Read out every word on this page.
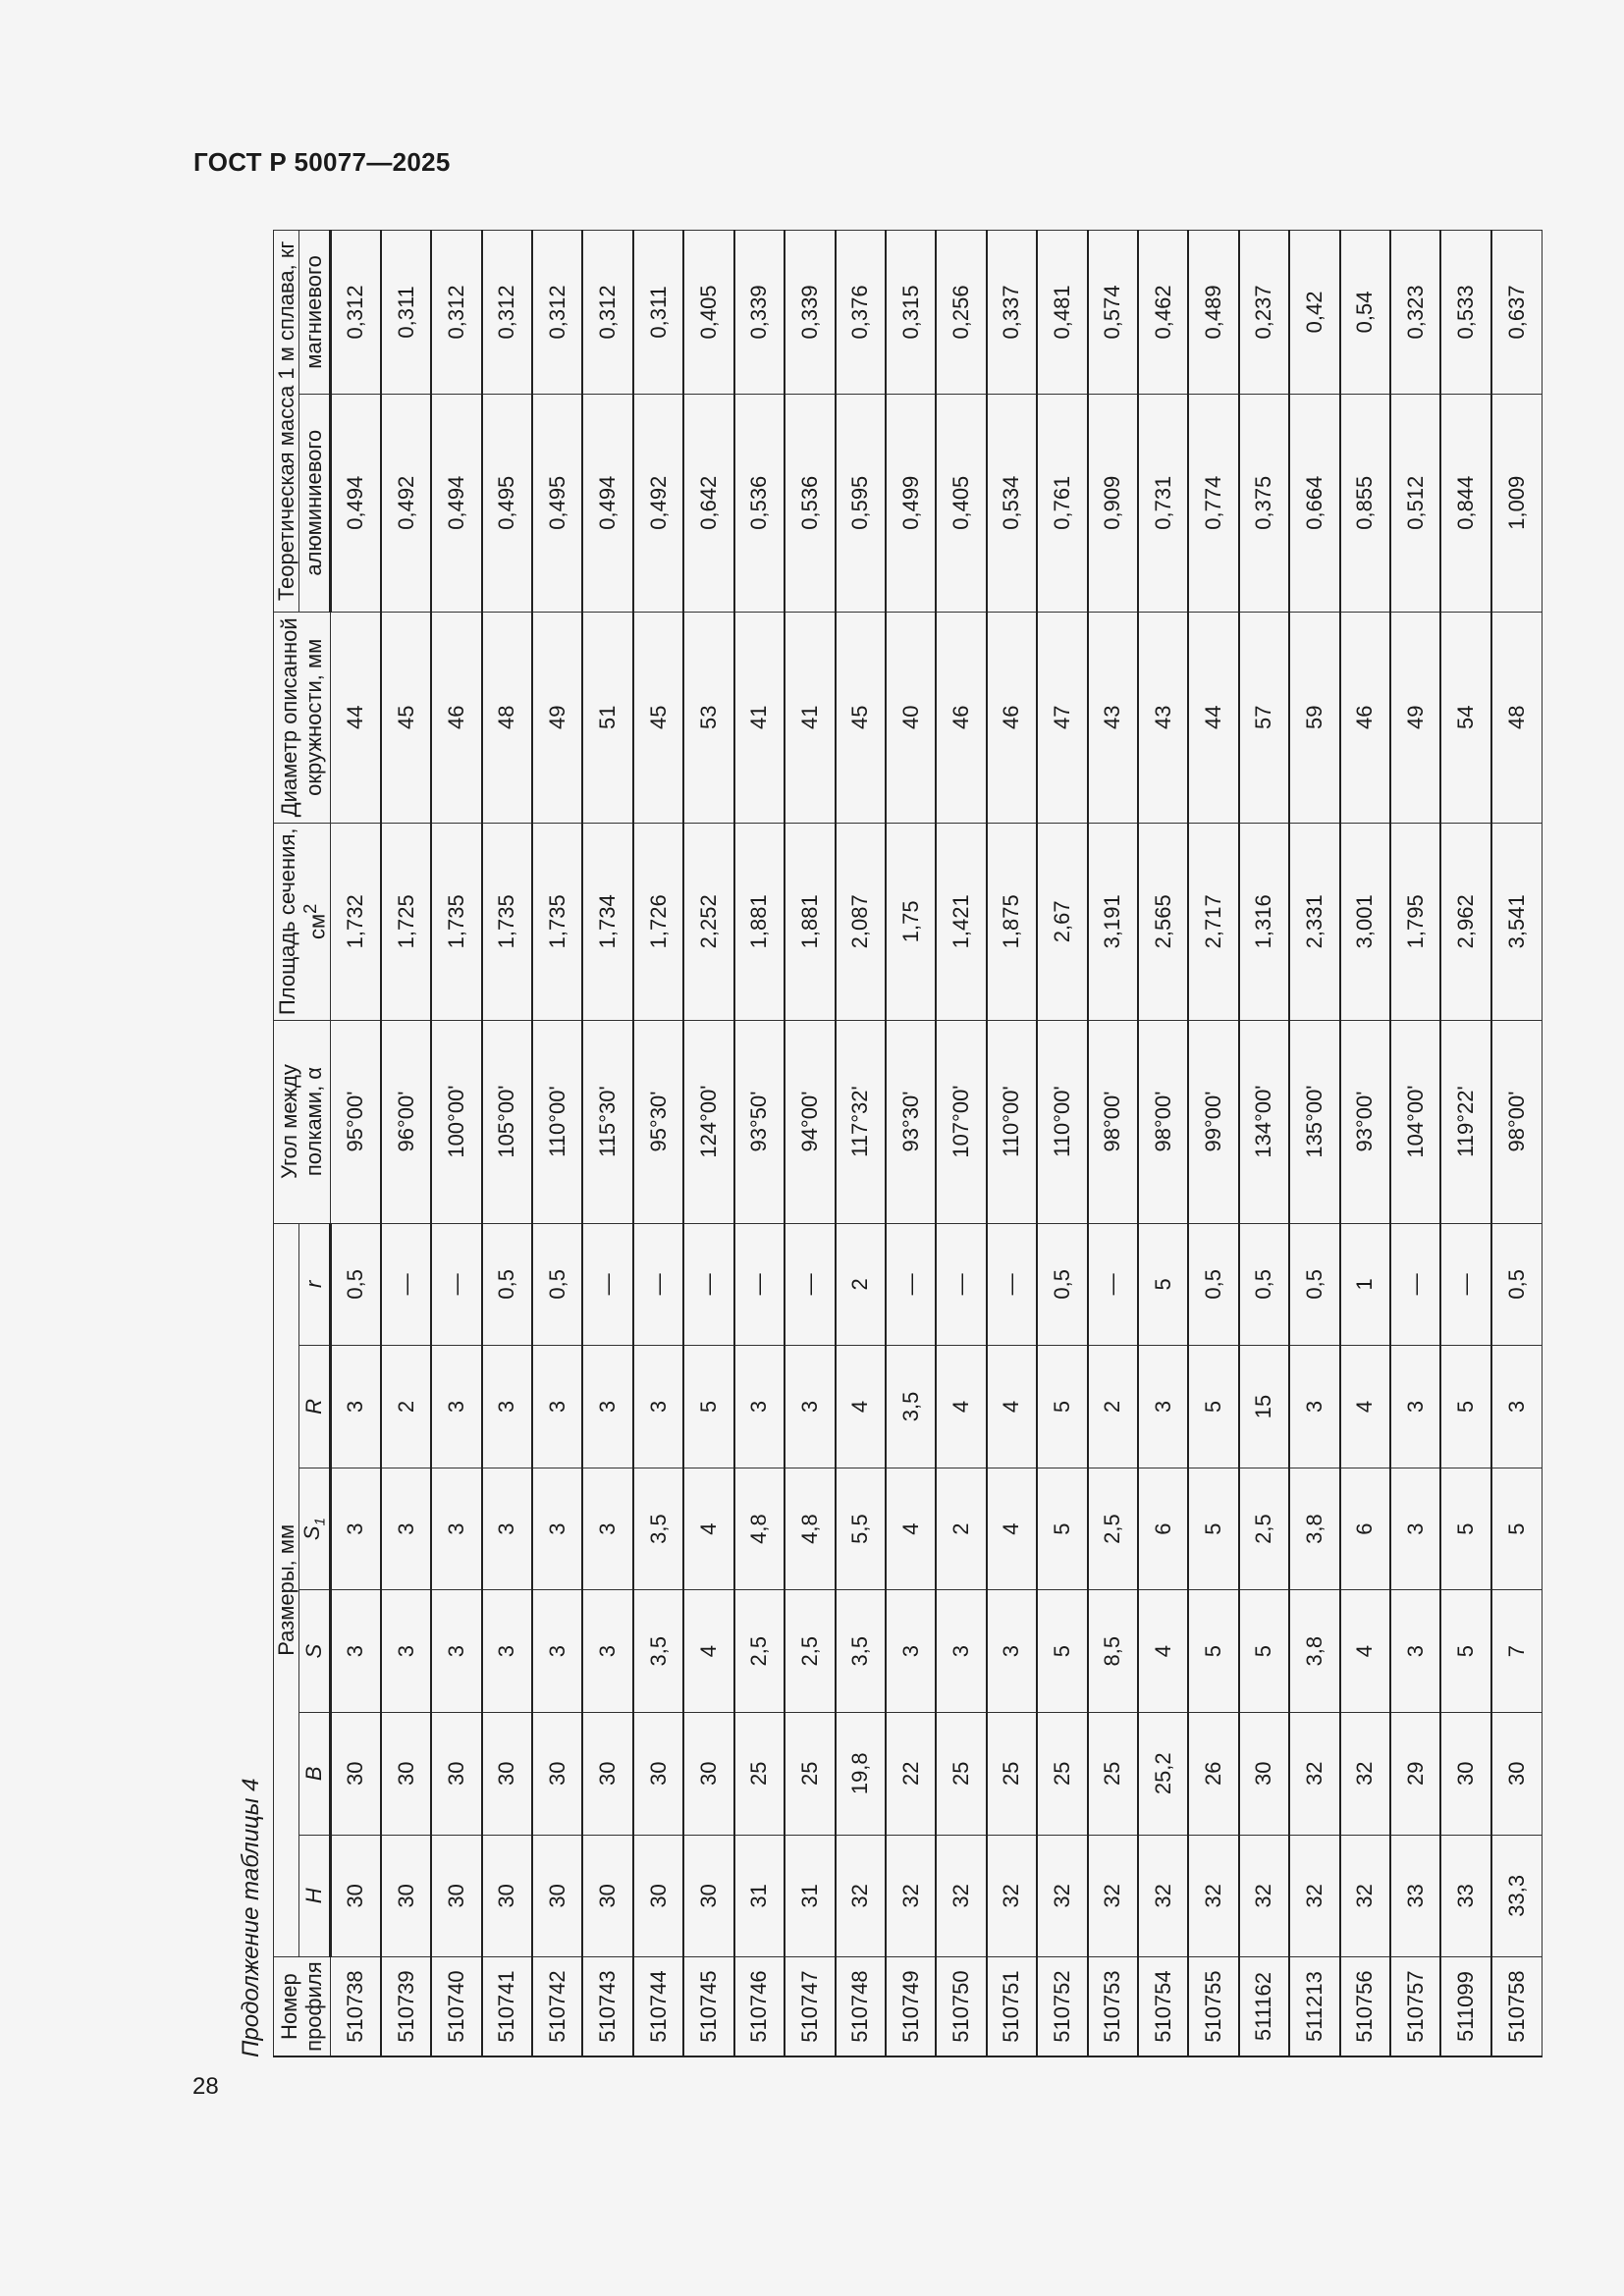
ГОСТ Р 50077—2025
Продолжение таблицы 4 Номер профиля	Размеры, мм						Угол между полками, α	Площадь сечения, $см^2$	Диаметр описанной окружности, мм	Теоретическая масса 1 м сплава, кг	
	H	B	S	$S_1$	R	r				алюминиевого	магниевого
510738	30	30	3	3	3	0,5	95°00'	1,732	44	0,494	0,312
510739	30	30	3	3	2	—	96°00'	1,725	45	0,492	0,311
510740	30	30	3	3	3	—	100°00'	1,735	46	0,494	0,312
510741	30	30	3	3	3	0,5	105°00'	1,735	48	0,495	0,312
510742	30	30	3	3	3	0,5	110°00'	1,735	49	0,495	0,312
510743	30	30	3	3	3	—	115°30'	1,734	51	0,494	0,312
510744	30	30	3,5	3,5	3	—	95°30'	1,726	45	0,492	0,311
510745	30	30	4	4	5	—	124°00'	2,252	53	0,642	0,405
510746	31	25	2,5	4,8	3	—	93°50'	1,881	41	0,536	0,339
510747	31	25	2,5	4,8	3	—	94°00'	1,881	41	0,536	0,339
510748	32	19,8	3,5	5,5	4	2	117°32'	2,087	45	0,595	0,376
510749	32	22	3	4	3,5	—	93°30'	1,75	40	0,499	0,315
510750	32	25	3	2	4	—	107°00'	1,421	46	0,405	0,256
510751	32	25	3	4	4	—	110°00'	1,875	46	0,534	0,337
510752	32	25	5	5	5	0,5	110°00'	2,67	47	0,761	0,481
510753	32	25	8,5	2,5	2	—	98°00'	3,191	43	0,909	0,574
510754	32	25,2	4	6	3	5	98°00'	2,565	43	0,731	0,462
510755	32	26	5	5	5	0,5	99°00'	2,717	44	0,774	0,489
511162	32	30	5	2,5	15	0,5	134°00'	1,316	57	0,375	0,237
511213	32	32	3,8	3,8	3	0,5	135°00'	2,331	59	0,664	0,42
510756	32	32	4	6	4	1	93°00'	3,001	46	0,855	0,54
510757	33	29	3	3	3	—	104°00'	1,795	49	0,512	0,323
511099	33	30	5	5	5	—	119°22'	2,962	54	0,844	0,533
510758	33,3	30	7	5	3	0,5	98°00'	3,541	48	1,009	0,637
28
